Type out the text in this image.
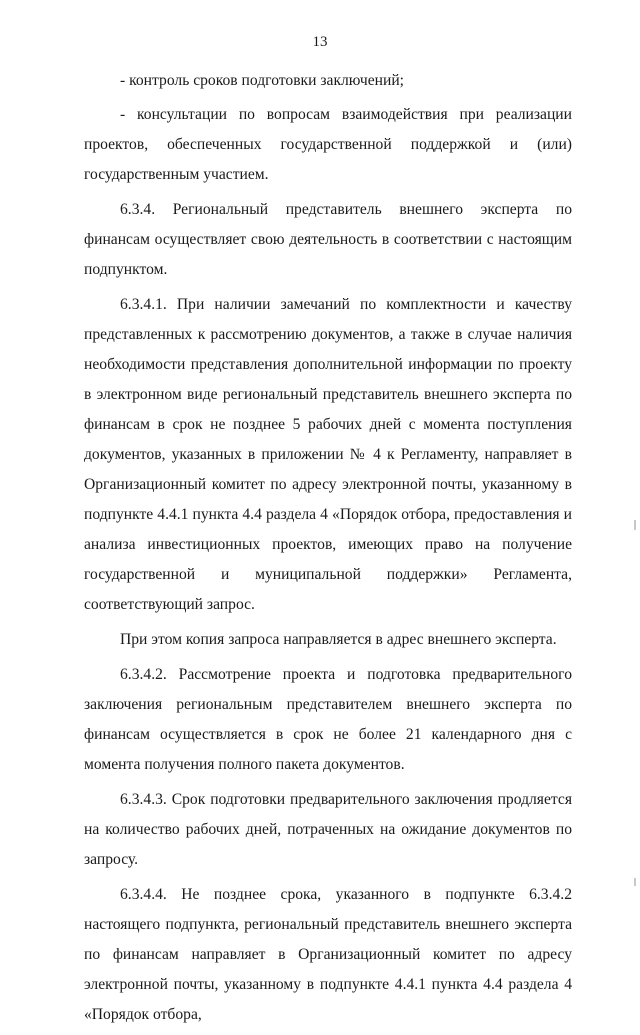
13

- контроль сроков подготовки заключений;

- консультации по вопросам взаимодействия при реализации проектов, обеспеченных государственной поддержкой и (или) государственным участием.

6.3.4. Региональный представитель внешнего эксперта по финансам осуществляет свою деятельность в соответствии с настоящим подпунктом.

6.3.4.1. При наличии замечаний по комплектности и качеству представленных к рассмотрению документов, а также в случае наличия необходимости представления дополнительной информации по проекту в электронном виде региональный представитель внешнего эксперта по финансам в срок не позднее 5 рабочих дней с момента поступления документов, указанных в приложении № 4 к Регламенту, направляет в Организационный комитет по адресу электронной почты, указанному в подпункте 4.4.1 пункта 4.4 раздела 4 «Порядок отбора, предоставления и анализа инвестиционных проектов, имеющих право на получение государственной и муниципальной поддержки» Регламента, соответствующий запрос.

При этом копия запроса направляется в адрес внешнего эксперта.

6.3.4.2. Рассмотрение проекта и подготовка предварительного заключения региональным представителем внешнего эксперта по финансам осуществляется в срок не более 21 календарного дня с момента получения полного пакета документов.

6.3.4.3. Срок подготовки предварительного заключения продляется на количество рабочих дней, потраченных на ожидание документов по запросу.

6.3.4.4. Не позднее срока, указанного в подпункте 6.3.4.2 настоящего подпункта, региональный представитель внешнего эксперта по финансам направляет в Организационный комитет по адресу электронной почты, указанному в подпункте 4.4.1 пункта 4.4 раздела 4 «Порядок отбора,
